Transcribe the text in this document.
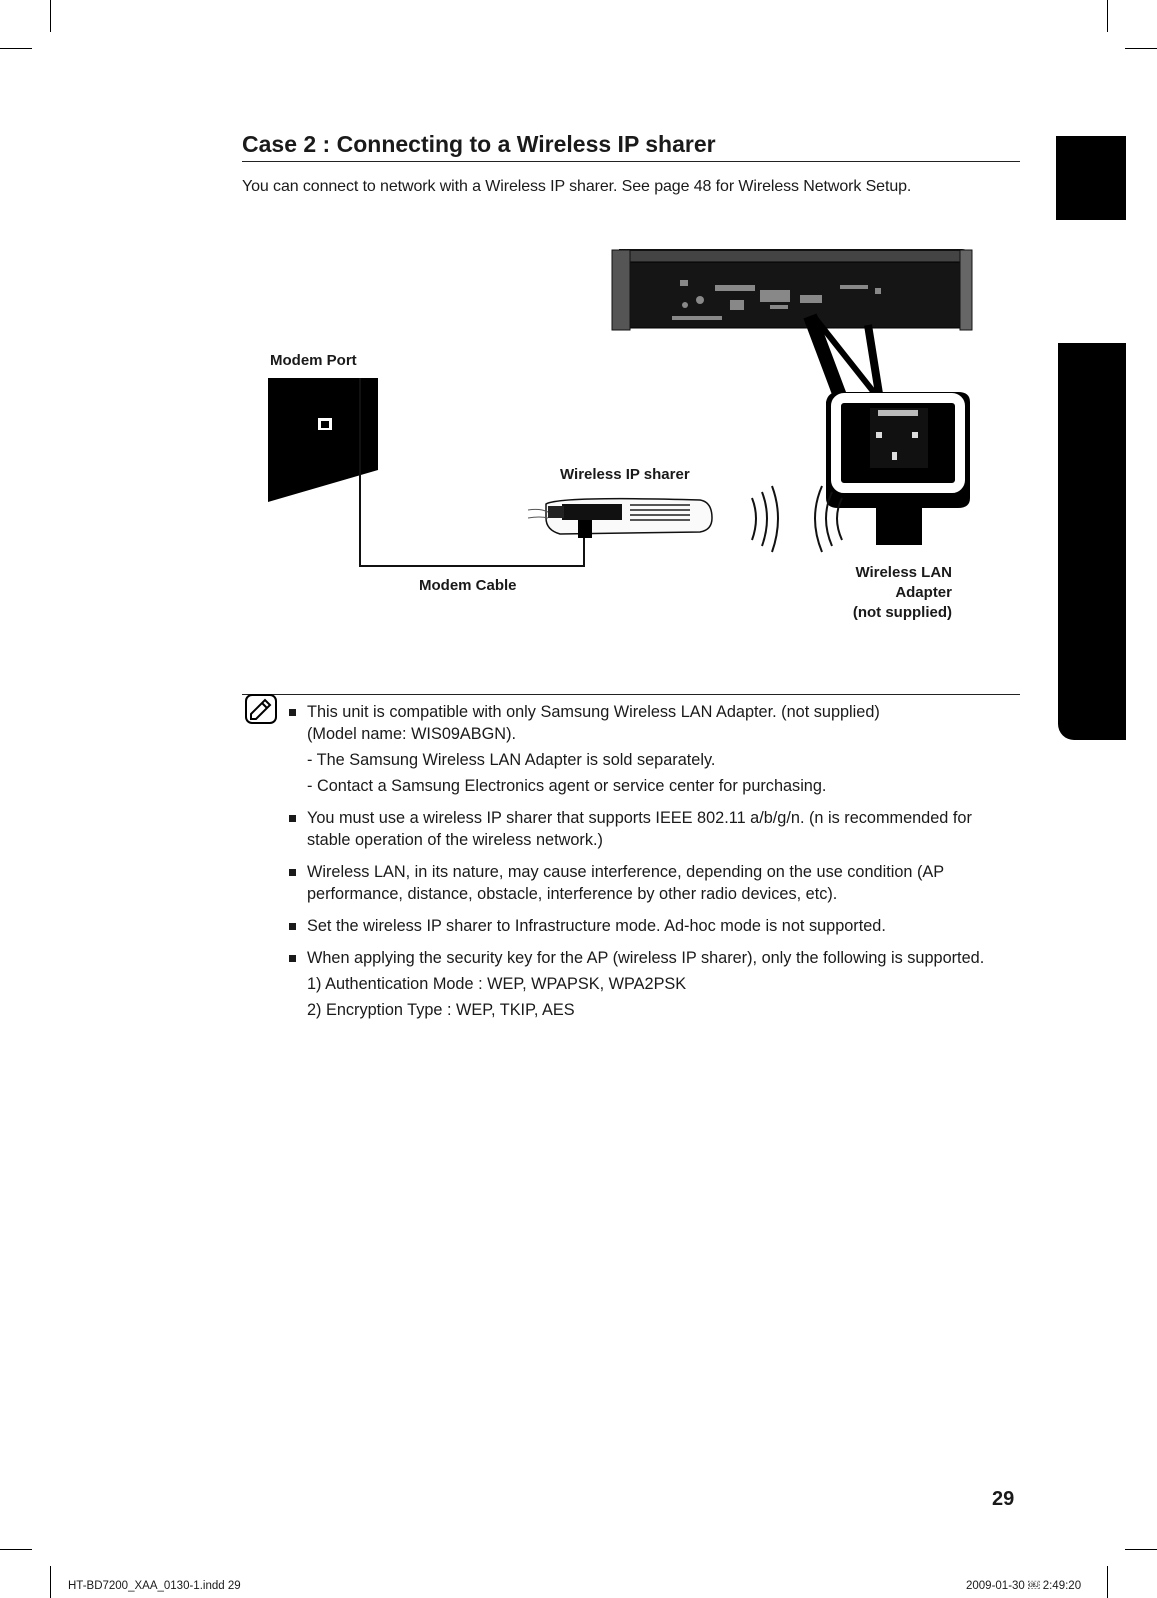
Case 2 : Connecting to a Wireless IP sharer
You can connect to network with a Wireless IP sharer. See page 48 for Wireless Network Setup.
Modem Port
Wireless IP sharer
Modem Cable
Wireless LAN
Adapter
(not supplied)
This unit is compatible with only Samsung Wireless LAN Adapter. (not supplied)
(Model name: WIS09ABGN).
- The Samsung Wireless LAN Adapter is sold separately.
- Contact a Samsung Electronics agent or service center for purchasing.
You must use a wireless IP sharer that supports IEEE 802.11 a/b/g/n. (n is recommended for stable operation of the wireless network.)
Wireless LAN, in its nature, may cause interference, depending on the use condition (AP performance, distance, obstacle, interference by other radio devices, etc).
Set the wireless IP sharer to Infrastructure mode. Ad-hoc mode is not supported.
When applying the security key for the AP (wireless IP sharer), only the following is supported.
1) Authentication Mode : WEP, WPAPSK, WPA2PSK
2) Encryption Type : WEP, TKIP, AES
29
HT-BD7200_XAA_0130-1.indd 29	2009-01-30 ￼ 2:49:20
